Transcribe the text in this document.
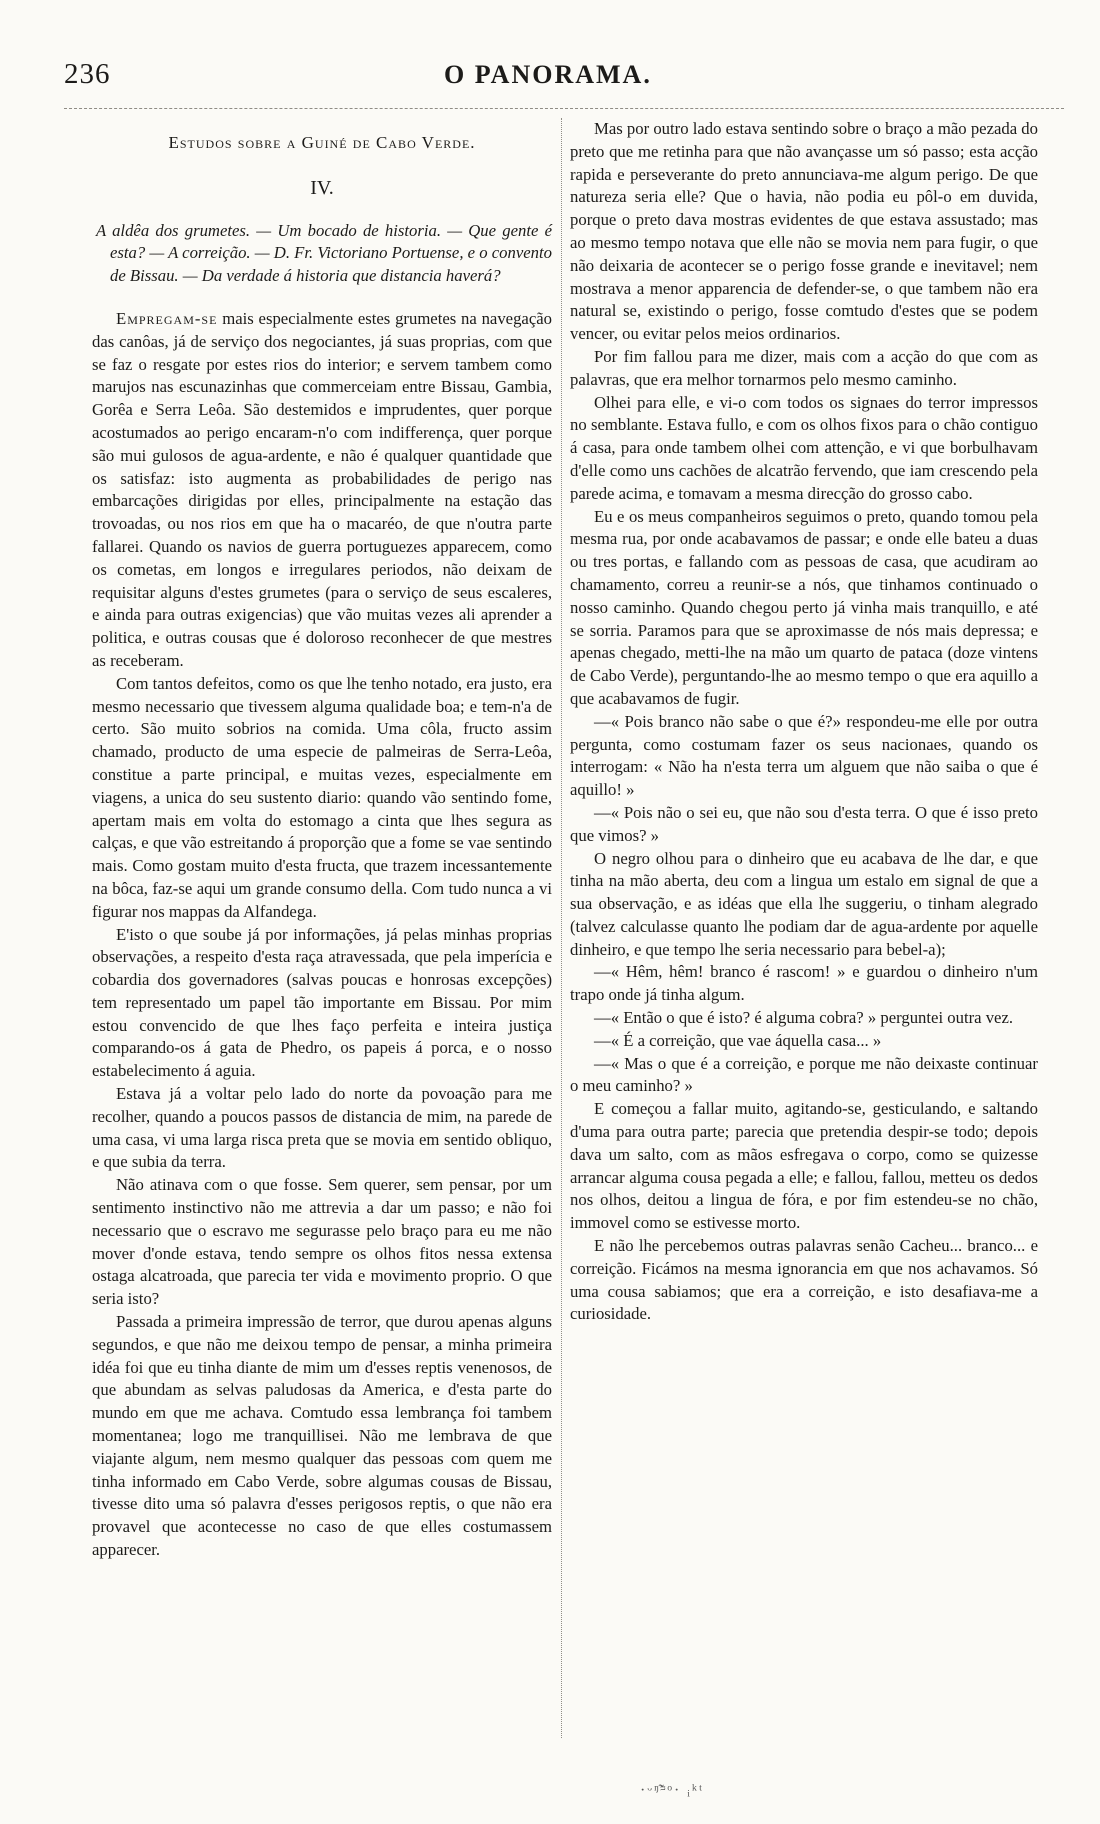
236	O PANORAMA.
Estudos sobre a Guiné de Cabo Verde.
IV.
A aldêa dos grumetes. — Um bocado de historia. — Que gente é esta? — A correição. — D. Fr. Victoriano Portuense, e o convento de Bissau. — Da verdade á historia que distancia haverá?

Empregam-se mais especialmente estes grumetes na navegação das canôas, já de serviço dos negociantes, já suas proprias, com que se faz o resgate por estes rios do interior; e servem tambem como marujos nas escunazinhas que commerceiam entre Bissau, Gambia, Gorêa e Serra Leôa. São destemidos e imprudentes, quer porque acostumados ao perigo encaram-n'o com indifferença, quer porque são mui gulosos de agua-ardente, e não é qualquer quantidade que os satisfaz: isto augmenta as probabilidades de perigo nas embarcações dirigidas por elles, principalmente na estação das trovoadas, ou nos rios em que ha o macaréo, de que n'outra parte fallarei. Quando os navios de guerra portuguezes apparecem, como os cometas, em longos e irregulares periodos, não deixam de requisitar alguns d'estes grumetes (para o serviço de seus escaleres, e ainda para outras exigencias) que vão muitas vezes ali aprender a politica, e outras cousas que é doloroso reconhecer de que mestres as receberam.

Com tantos defeitos, como os que lhe tenho notado, era justo, era mesmo necessario que tivessem alguma qualidade boa; e tem-n'a de certo. São muito sobrios na comida. Uma côla, fructo assim chamado, producto de uma especie de palmeiras de Serra-Leôa, constitue a parte principal, e muitas vezes, especialmente em viagens, a unica do seu sustento diario: quando vão sentindo fome, apertam mais em volta do estomago a cinta que lhes segura as calças, e que vão estreitando á proporção que a fome se vae sentindo mais. Como gostam muito d'esta fructa, que trazem incessantemente na bôca, faz-se aqui um grande consumo della. Com tudo nunca a vi figurar nos mappas da Alfandega.

E'isto o que soube já por informações, já pelas minhas proprias observações, a respeito d'esta raça atravessada, que pela imperícia e cobardia dos governadores (salvas poucas e honrosas excepções) tem representado um papel tão importante em Bissau. Por mim estou convencido de que lhes faço perfeita e inteira justiça comparando-os á gata de Phedro, os papeis á porca, e o nosso estabelecimento á aguia.

Estava já a voltar pelo lado do norte da povoação para me recolher, quando a poucos passos de distancia de mim, na parede de uma casa, vi uma larga risca preta que se movia em sentido obliquo, e que subia da terra.

Não atinava com o que fosse. Sem querer, sem pensar, por um sentimento instinctivo não me attrevia a dar um passo; e não foi necessario que o escravo me segurasse pelo braço para eu me não mover d'onde estava, tendo sempre os olhos fitos nessa extensa ostaga alcatroada, que parecia ter vida e movimento proprio. O que seria isto?

Passada a primeira impressão de terror, que durou apenas alguns segundos, e que não me deixou tempo de pensar, a minha primeira idéa foi que eu tinha diante de mim um d'esses reptis venenosos, de que abundam as selvas paludosas da America, e d'esta parte do mundo em que me achava. Comtudo essa lembrança foi tambem momentanea; logo me tranquillisei. Não me lembrava de que viajante algum, nem mesmo qualquer das pessoas com quem me tinha informado em Cabo Verde, sobre algumas cousas de Bissau, tivesse dito uma só palavra d'esses perigosos reptis, o que não era provavel que acontecesse no caso de que elles costumassem apparecer.

Mas por outro lado estava sentindo sobre o braço a mão pezada do preto que me retinha para que não avançasse um só passo; esta acção rapida e perseverante do preto annunciava-me algum perigo. De que natureza seria elle? Que o havia, não podia eu pôl-o em duvida, porque o preto dava mostras evidentes de que estava assustado; mas ao mesmo tempo notava que elle não se movia nem para fugir, o que não deixaria de acontecer se o perigo fosse grande e inevitavel; nem mostrava a menor apparencia de defender-se, o que tambem não era natural se, existindo o perigo, fosse comtudo d'estes que se podem vencer, ou evitar pelos meios ordinarios.

Por fim fallou para me dizer, mais com a acção do que com as palavras, que era melhor tornarmos pelo mesmo caminho.

Olhei para elle, e vi-o com todos os signaes do terror impressos no semblante. Estava fullo, e com os olhos fixos para o chão contiguo á casa, para onde tambem olhei com attenção, e vi que borbulhavam d'elle como uns cachões de alcatrão fervendo, que iam crescendo pela parede acima, e tomavam a mesma direcção do grosso cabo.

Eu e os meus companheiros seguimos o preto, quando tomou pela mesma rua, por onde acabavamos de passar; e onde elle bateu a duas ou tres portas, e fallando com as pessoas de casa, que acudiram ao chamamento, correu a reunir-se a nós, que tinhamos continuado o nosso caminho. Quando chegou perto já vinha mais tranquillo, e até se sorria. Paramos para que se aproximasse de nós mais depressa; e apenas chegado, metti-lhe na mão um quarto de pataca (doze vintens de Cabo Verde), perguntando-lhe ao mesmo tempo o que era aquillo a que acabavamos de fugir.

—« Pois branco não sabe o que é?» respondeu-me elle por outra pergunta, como costumam fazer os seus nacionaes, quando os interrogam: « Não ha n'esta terra um alguem que não saiba o que é aquillo! »

—« Pois não o sei eu, que não sou d'esta terra. O que é isso preto que vimos? »

O negro olhou para o dinheiro que eu acabava de lhe dar, e que tinha na mão aberta, deu com a lingua um estalo em signal de que a sua observação, e as idéas que ella lhe suggeriu, o tinham alegrado (talvez calculasse quanto lhe podiam dar de agua-ardente por aquelle dinheiro, e que tempo lhe seria necessario para bebel-a);

—« Hêm, hêm! branco é rascom! » e guardou o dinheiro n'um trapo onde já tinha algum.

—« Então o que é isto? é alguma cobra? » perguntei outra vez.

—« É a correição, que vae áquella casa... »

—« Mas o que é a correição, e porque me não deixaste continuar o meu caminho? »

E começou a fallar muito, agitando-se, gesticulando, e saltando d'uma para outra parte; parecia que pretendia despir-se todo; depois dava um salto, com as mãos esfregava o corpo, como se quizesse arrancar alguma cousa pegada a elle; e fallou, fallou, metteu os dedos nos olhos, deitou a lingua de fóra, e por fim estendeu-se no chão, immovel como se estivesse morto.

E não lhe percebemos outras palavras senão Cacheu... branco... e correição. Ficámos na mesma ignorancia em que nos achavamos. Só uma cousa sabiamos; que era a correição, e isto desafiava-me a curiosidade.

·ᵕᵑ̃ᵙᵒ· ᵢᵏᵗ
